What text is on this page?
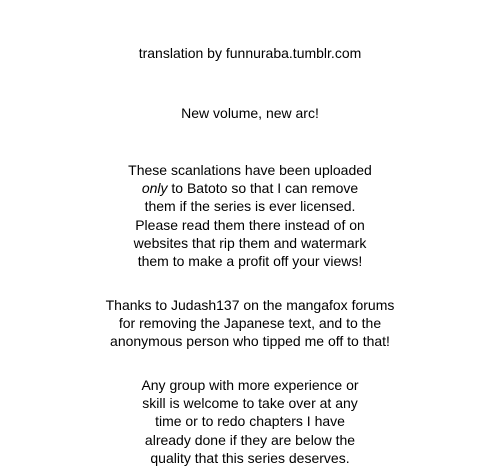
translation by funnuraba.tumblr.com
New volume, new arc!
These scanlations have been uploaded
only to Batoto so that I can remove
them if the series is ever licensed.
Please read them there instead of on
websites that rip them and watermark
them to make a profit off your views!
Thanks to Judash137 on the mangafox forums
for removing the Japanese text, and to the
anonymous person who tipped me off to that!
Any group with more experience or
skill is welcome to take over at any
time or to redo chapters I have
already done if they are below the
quality that this series deserves.
